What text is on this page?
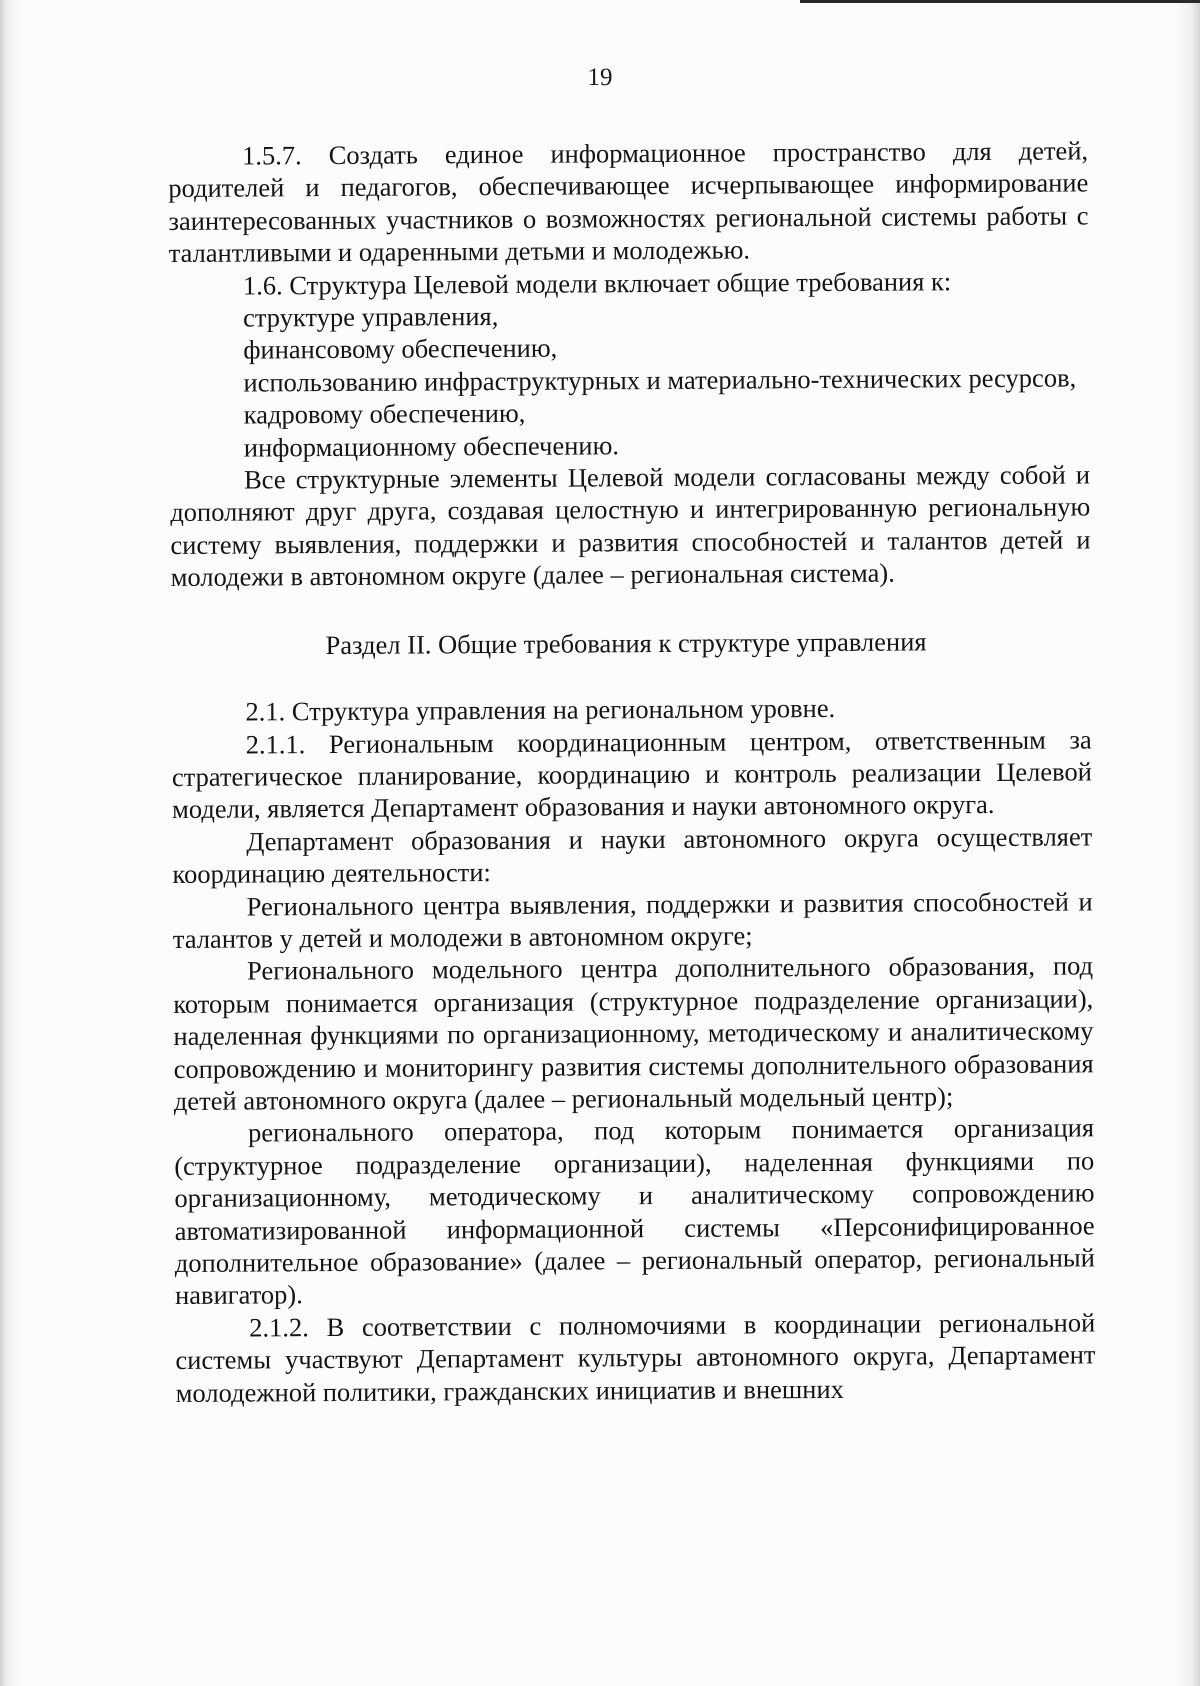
19

1.5.7. Создать единое информационное пространство для детей, родителей и педагогов, обеспечивающее исчерпывающее информирование заинтересованных участников о возможностях региональной системы работы с талантливыми и одаренными детьми и молодежью.

1.6. Структура Целевой модели включает общие требования к:

структуре управления,

финансовому обеспечению,

использованию инфраструктурных и материально-технических ресурсов,

кадровому обеспечению,

информационному обеспечению.

Все структурные элементы Целевой модели согласованы между собой и дополняют друг друга, создавая целостную и интегрированную региональную систему выявления, поддержки и развития способностей и талантов детей и молодежи в автономном округе (далее – региональная система).

Раздел II. Общие требования к структуре управления

2.1. Структура управления на региональном уровне.

2.1.1. Региональным координационным центром, ответственным за стратегическое планирование, координацию и контроль реализации Целевой модели, является Департамент образования и науки автономного округа.

Департамент образования и науки автономного округа осуществляет координацию деятельности:

Регионального центра выявления, поддержки и развития способностей и талантов у детей и молодежи в автономном округе;

Регионального модельного центра дополнительного образования, под которым понимается организация (структурное подразделение организации), наделенная функциями по организационному, методическому и аналитическому сопровождению и мониторингу развития системы дополнительного образования детей автономного округа (далее – региональный модельный центр);

регионального оператора, под которым понимается организация (структурное подразделение организации), наделенная функциями по организационному, методическому и аналитическому сопровождению автоматизированной информационной системы «Персонифицированное дополнительное образование» (далее – региональный оператор, региональный навигатор).

2.1.2. В соответствии с полномочиями в координации региональной системы участвуют Департамент культуры автономного округа, Департамент молодежной политики, гражданских инициатив и внешних
